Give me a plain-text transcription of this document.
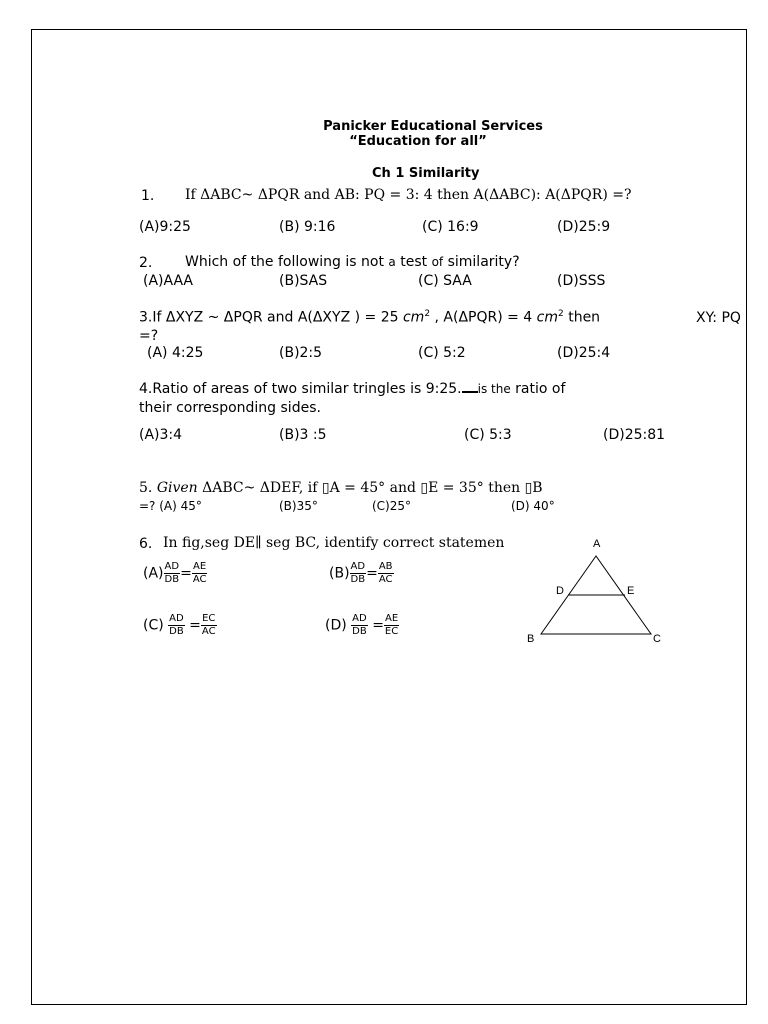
Panicker Educational Services
“Education for all”
Ch 1 Similarity
1. If ΔABC~ ΔPQR and AB: PQ = 3: 4 then A(ΔABC): A(ΔPQR) =?
(A)9:25	(B) 9:16	(C) 16:9	(D)25:9
2. Which of the following is not a test of similarity?
(A)AAA	(B)SAS	(C) SAA	(D)SSS
3.If ΔXYZ ~ ΔPQR and A(ΔXYZ ) = 25 $cm^2$ , A(ΔPQR) = 4 $cm^2$ then	XY: PQ
=?
(A) 4:25	(B)2:5	(C) 5:2	(D)25:4
4.Ratio of areas of two similar tringles is 9:25. is the ratio of
their corresponding sides.
(A)3:4	(B)3 :5	(C) 5:3	(D)25:81
5. Given ΔABC~ ΔDEF, if ▯A = 45° and ▯E = 35° then ▯B
=? (A) 45°	(B)35°	(C)25°	(D) 40°
6. In fig,seg DE∥ seg BC, identify correct statemen
$(A) \frac{AD}{DB} = \frac{AE}{AC}$	$(B) \frac{AD}{DB} = \frac{AB}{AC}$
$(C) \frac{AD}{DB} = \frac{EC}{AC}$	$(D) \frac{AD}{DB} = \frac{AE}{EC}$
A
D	E
B	C
